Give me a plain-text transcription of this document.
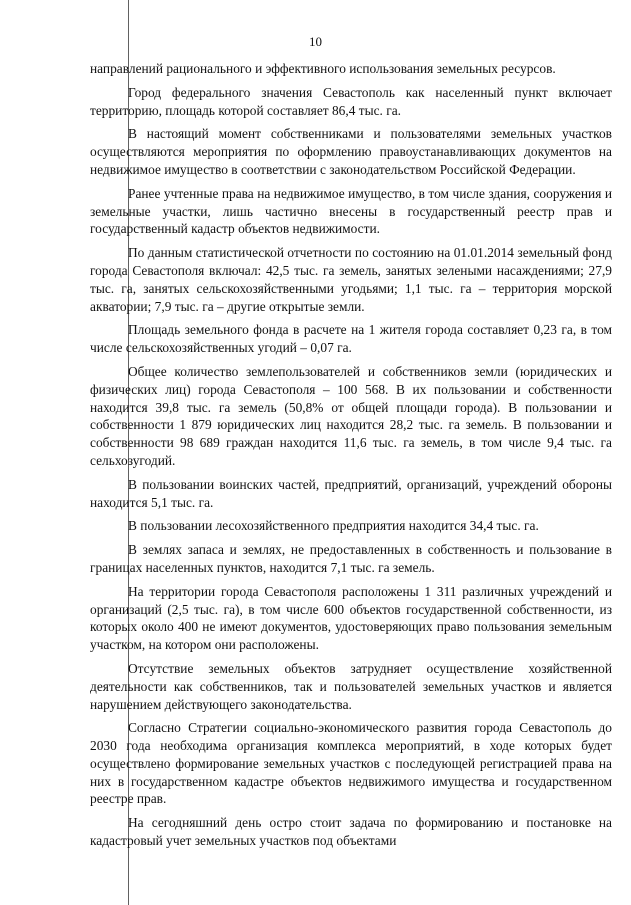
10

направлений рационального и эффективного использования земельных ресурсов.

Город федерального значения Севастополь как населенный пункт включает территорию, площадь которой составляет 86,4 тыс. га.

В настоящий момент собственниками и пользователями земельных участков осуществляются мероприятия по оформлению правоустанавливающих документов на недвижимое имущество в соответствии с законодательством Российской Федерации.

Ранее учтенные права на недвижимое имущество, в том числе здания, сооружения и земельные участки, лишь частично внесены в государственный реестр прав и государственный кадастр объектов недвижимости.

По данным статистической отчетности по состоянию на 01.01.2014 земельный фонд города Севастополя включал: 42,5 тыс. га земель, занятых зелеными насаждениями; 27,9 тыс. га, занятых сельскохозяйственными угодьями; 1,1 тыс. га – территория морской акватории; 7,9 тыс. га – другие открытые земли.

Площадь земельного фонда в расчете на 1 жителя города составляет 0,23 га, в том числе сельскохозяйственных угодий – 0,07 га.

Общее количество землепользователей и собственников земли (юридических и физических лиц) города Севастополя – 100 568. В их пользовании и собственности находится 39,8 тыс. га земель (50,8% от общей площади города). В пользовании и собственности 1 879 юридических лиц находится 28,2 тыс. га земель. В пользовании и собственности 98 689 граждан находится 11,6 тыс. га земель, в том числе 9,4 тыс. га сельхозугодий.

В пользовании воинских частей, предприятий, организаций, учреждений обороны находится 5,1 тыс. га.

В пользовании лесохозяйственного предприятия находится 34,4 тыс. га.

В землях запаса и землях, не предоставленных в собственность и пользование в границах населенных пунктов, находится 7,1 тыс. га земель.

На территории города Севастополя расположены 1 311 различных учреждений и организаций (2,5 тыс. га), в том числе 600 объектов государственной собственности, из которых около 400 не имеют документов, удостоверяющих право пользования земельным участком, на котором они расположены.

Отсутствие земельных объектов затрудняет осуществление хозяйственной деятельности как собственников, так и пользователей земельных участков и является нарушением действующего законодательства.

Согласно Стратегии социально-экономического развития города Севастополь до 2030 года необходима организация комплекса мероприятий, в ходе которых будет осуществлено формирование земельных участков с последующей регистрацией права на них в государственном кадастре объектов недвижимого имущества и государственном реестре прав.

На сегодняшний день остро стоит задача по формированию и постановке на кадастровый учет земельных участков под объектами
